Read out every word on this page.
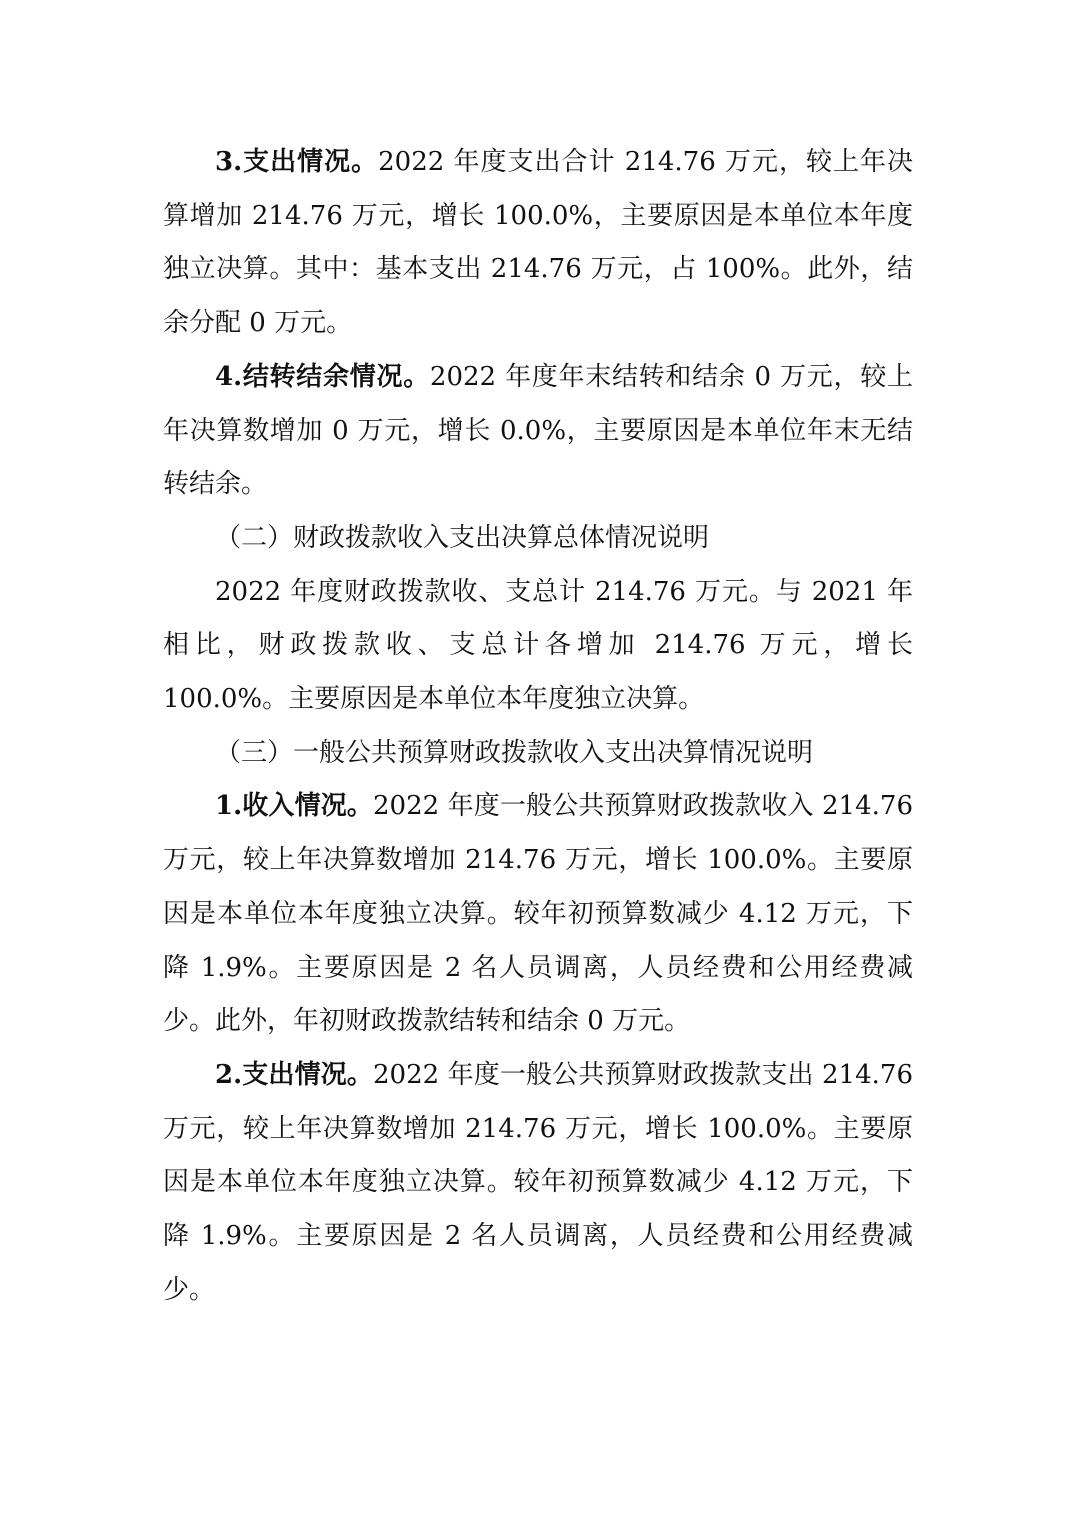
3.支出情况。2022 年度支出合计 214.76 万元，较上年决算增加 214.76 万元，增长 100.0%，主要原因是本单位本年度独立决算。其中：基本支出 214.76 万元，占 100%。此外，结余分配 0 万元。

4.结转结余情况。2022 年度年末结转和结余 0 万元，较上年决算数增加 0 万元，增长 0.0%，主要原因是本单位年末无结转结余。

（二）财政拨款收入支出决算总体情况说明

2022 年度财政拨款收、支总计 214.76 万元。与 2021 年相比，财政拨款收、支总计各增加 214.76 万元，增长 100.0%。主要原因是本单位本年度独立决算。

（三）一般公共预算财政拨款收入支出决算情况说明

1.收入情况。2022 年度一般公共预算财政拨款收入 214.76 万元，较上年决算数增加 214.76 万元，增长 100.0%。主要原因是本单位本年度独立决算。较年初预算数减少 4.12 万元，下降 1.9%。主要原因是 2 名人员调离，人员经费和公用经费减少。此外，年初财政拨款结转和结余 0 万元。

2.支出情况。2022 年度一般公共预算财政拨款支出 214.76 万元，较上年决算数增加 214.76 万元，增长 100.0%。主要原因是本单位本年度独立决算。较年初预算数减少 4.12 万元，下降 1.9%。主要原因是 2 名人员调离，人员经费和公用经费减少。
